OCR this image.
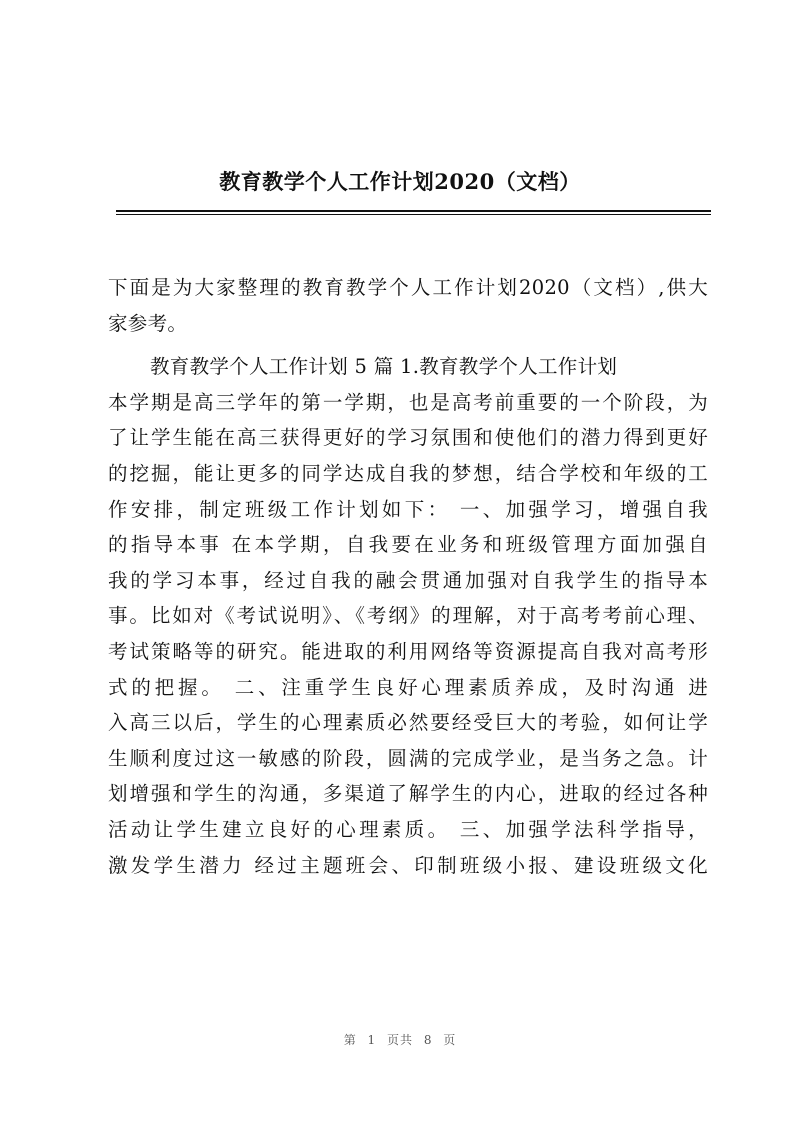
教育教学个人工作计划2020（文档）
下面是为大家整理的教育教学个人工作计划2020（文档）,供大
家参考。
教育教学个人工作计划 5 篇 1.教育教学个人工作计划
本学期是高三学年的第一学期，也是高考前重要的一个阶段，为
了让学生能在高三获得更好的学习氛围和使他们的潜力得到更好
的挖掘，能让更多的同学达成自我的梦想，结合学校和年级的工
作安排，制定班级工作计划如下： 一、加强学习，增强自我
的指导本事 在本学期，自我要在业务和班级管理方面加强自
我的学习本事，经过自我的融会贯通加强对自我学生的指导本
事。比如对《考试说明》、《考纲》的理解，对于高考考前心理、
考试策略等的研究。能进取的利用网络等资源提高自我对高考形
式的把握。 二、注重学生良好心理素质养成，及时沟通 进
入高三以后，学生的心理素质必然要经受巨大的考验，如何让学
生顺利度过这一敏感的阶段，圆满的完成学业，是当务之急。计
划增强和学生的沟通，多渠道了解学生的内心，进取的经过各种
活动让学生建立良好的心理素质。 三、加强学法科学指导，
激发学生潜力 经过主题班会、印制班级小报、建设班级文化
第 1 页共 8 页
